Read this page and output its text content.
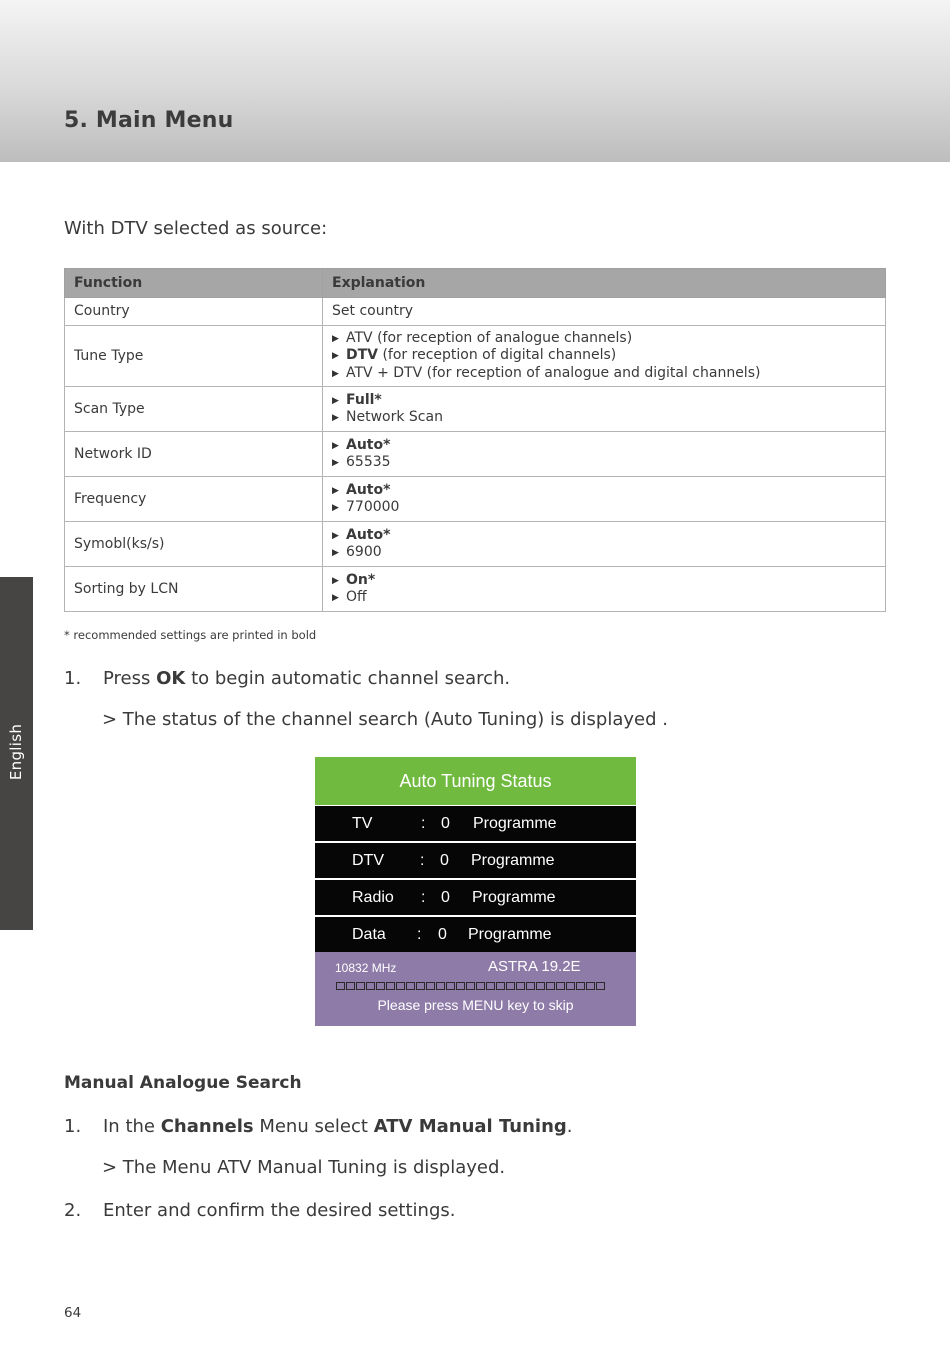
5. Main Menu
English
With DTV selected as source:
Function	Explanation
Country	Set country
Tune Type	▶ ATV (for reception of analogue channels)
▶ DTV (for reception of digital channels)
▶ ATV + DTV (for reception of analogue and digital channels)

Scan Type	▶ Full*
▶ Network Scan

Network ID	▶ Auto*
▶ 65535

Frequency	▶ Auto*
▶ 770000

Symobl(ks/s)	▶ Auto*
▶ 6900

Sorting by LCN	▶ On*
▶ Off
* recommended settings are printed in bold
1. Press OK to begin automatic channel search.
> The status of the channel search (Auto Tuning) is displayed .
Auto Tuning Status
TV	: 0 Programme
DTV : 0 Programme
Radio : 0 Programme
Data : 0 Programme
10832 MHz	ASTRA 19.2E
Please press MENU key to skip
Manual Analogue Search
1. In the Channels Menu select ATV Manual Tuning.
> The Menu ATV Manual Tuning is displayed.
2. Enter and confirm the desired settings.
64
